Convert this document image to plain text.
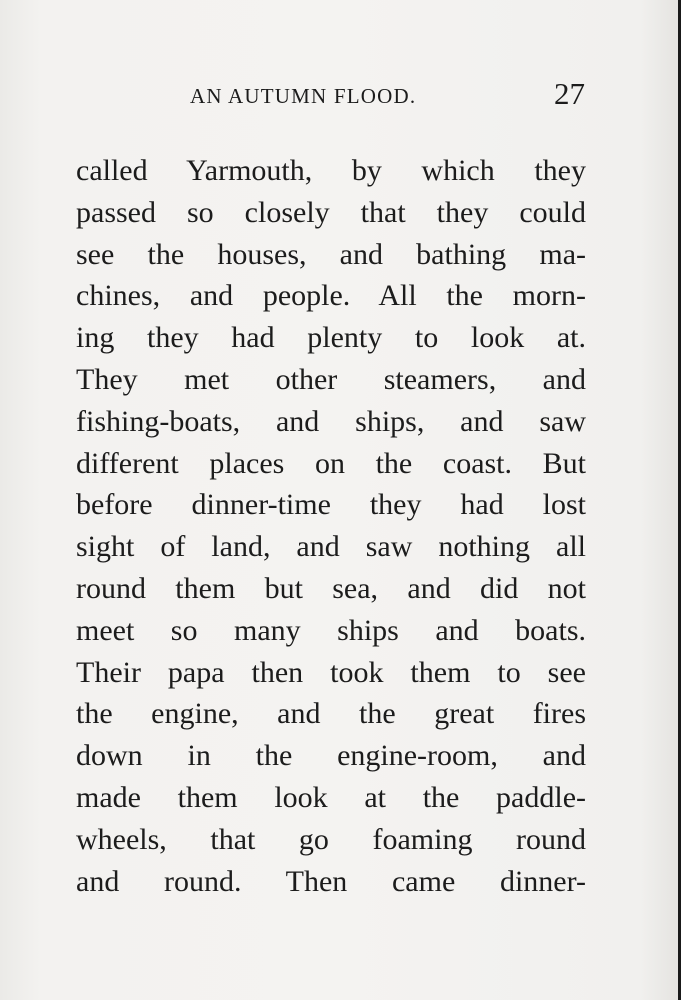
AN AUTUMN FLOOD.	27
called Yarmouth, by which they
passed so closely that they could
see the houses, and bathing ma-
chines, and people. All the morn-
ing they had plenty to look at.
They met other steamers, and
fishing-boats, and ships, and saw
different places on the coast. But
before dinner-time they had lost
sight of land, and saw nothing all
round them but sea, and did not
meet so many ships and boats.
Their papa then took them to see
the engine, and the great fires
down in the engine-room, and
made them look at the paddle-
wheels, that go foaming round
and round. Then came dinner-
